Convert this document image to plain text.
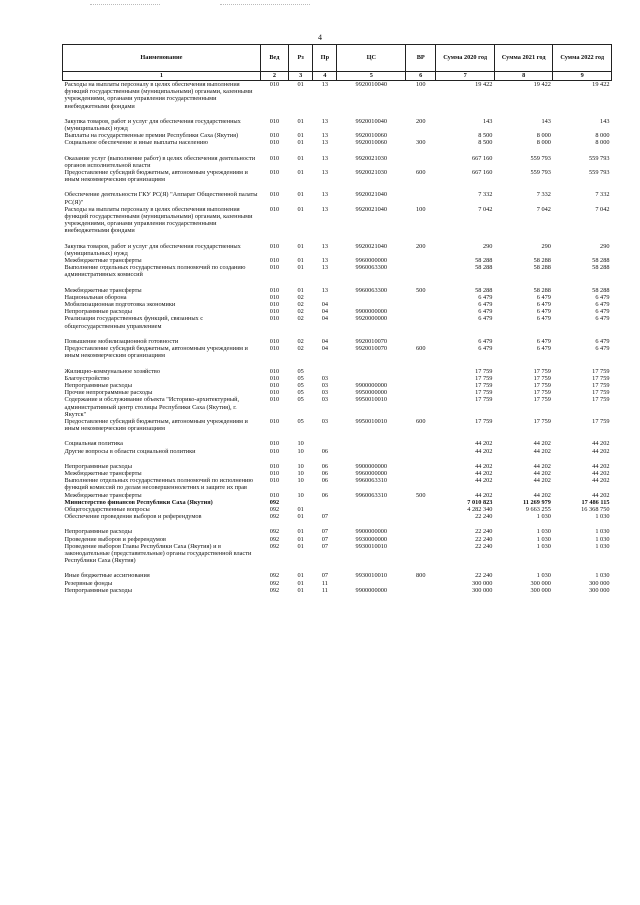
4
Наименование	Вед	Рз	Пр	ЦС	ВР	Сумма 2020 год	Сумма 2021 год	Сумма 2022 год
1	2	3	4	5	6	7	8	9
Расходы на выплаты персоналу в целях обеспечения выполнения функций государственными (муниципальными) органами, казенными учреждениями, органами управления государственными внебюджетными фондами	010	01	13	9920010040	100	19 422	19 422	19 422

Закупка товаров, работ и услуг для обеспечения государственных (муниципальных) нужд	010	01	13	9920010040	200	143	143	143
Выплаты на государственные премии Республики Саха (Якутия)	010	01	13	9920010060		8 500	8 000	8 000
Социальное обеспечение и иные выплаты населению	010	01	13	9920010060	300	8 500	8 000	8 000

Оказание услуг (выполнение работ) в целях обеспечения деятельности органов исполнительной власти	010	01	13	9920021030		667 160	559 793	559 793
Предоставление субсидий бюджетным, автономным учреждениям и иным некоммерческим организациям	010	01	13	9920021030	600	667 160	559 793	559 793

Обеспечение деятельности ГКУ РС(Я) "Аппарат Общественной палаты РС(Я)"	010	01	13	9920021040		7 332	7 332	7 332
Расходы на выплаты персоналу в целях обеспечения выполнения функций государственными (муниципальными) органами, казенными учреждениями, органами управления государственными внебюджетными фондами	010	01	13	9920021040	100	7 042	7 042	7 042

Закупка товаров, работ и услуг для обеспечения государственных (муниципальных) нужд	010	01	13	9920021040	200	290	290	290
Межбюджетные трансферты	010	01	13	9960000000		58 288	58 288	58 288
Выполнение отдельных государственных полномочий по созданию административных комиссий	010	01	13	9960063300		58 288	58 288	58 288

Межбюджетные трансферты	010	01	13	9960063300	500	58 288	58 288	58 288
Национальная оборона	010	02				6 479	6 479	6 479
Мобилизационная подготовка экономики	010	02	04			6 479	6 479	6 479
Непрограммные расходы	010	02	04	9900000000		6 479	6 479	6 479
Реализация государственных функций, связанных с общегосударственным управлением	010	02	04	9920000000		6 479	6 479	6 479

Повышение мобилизационной готовности	010	02	04	9920010070		6 479	6 479	6 479
Предоставление субсидий бюджетным, автономным учреждениям и иным некоммерческим организациям	010	02	04	9920010070	600	6 479	6 479	6 479

Жилищно-коммунальное хозяйство	010	05				17 759	17 759	17 759
Благоустройство	010	05	03			17 759	17 759	17 759
Непрограммные расходы	010	05	03	9900000000		17 759	17 759	17 759
Прочие непрограммные расходы	010	05	03	9950000000		17 759	17 759	17 759
Содержание и обслуживание объекта "Историко-архитектурный, административный центр столицы Республики Саха (Якутия), г. Якутск"	010	05	03	9950010010		17 759	17 759	17 759
Предоставление субсидий бюджетным, автономным учреждениям и иным некоммерческим организациям	010	05	03	9950010010	600	17 759	17 759	17 759

Социальная политика	010	10				44 202	44 202	44 202
Другие вопросы в области социальной политики	010	10	06			44 202	44 202	44 202

Непрограммные расходы	010	10	06	9900000000		44 202	44 202	44 202
Межбюджетные трансферты	010	10	06	9960000000		44 202	44 202	44 202
Выполнение отдельных государственных полномочий по исполнению функций комиссий по делам несовершеннолетних и защите их прав	010	10	06	9960063310		44 202	44 202	44 202
Межбюджетные трансферты	010	10	06	9960063310	500	44 202	44 202	44 202
Министерство финансов Республики Саха (Якутия)	092					7 010 823	11 269 979	17 486 115
Общегосударственные вопросы	092	01				4 282 340	9 663 255	16 368 750
Обеспечение проведения выборов и референдумов	092	01	07			22 240	1 030	1 030

Непрограммные расходы	092	01	07	9900000000		22 240	1 030	1 030
Проведение выборов и референдумов	092	01	07	9930000000		22 240	1 030	1 030
Проведение выборов Главы Республики Саха (Якутия) и в законодательные (представительные) органы государственной власти Республики Саха (Якутия)	092	01	07	9930010010		22 240	1 030	1 030

Иные бюджетные ассигнования	092	01	07	9930010010	800	22 240	1 030	1 030
Резервные фонды	092	01	11			300 000	300 000	300 000
Непрограммные расходы	092	01	11	9900000000		300 000	300 000	300 000
